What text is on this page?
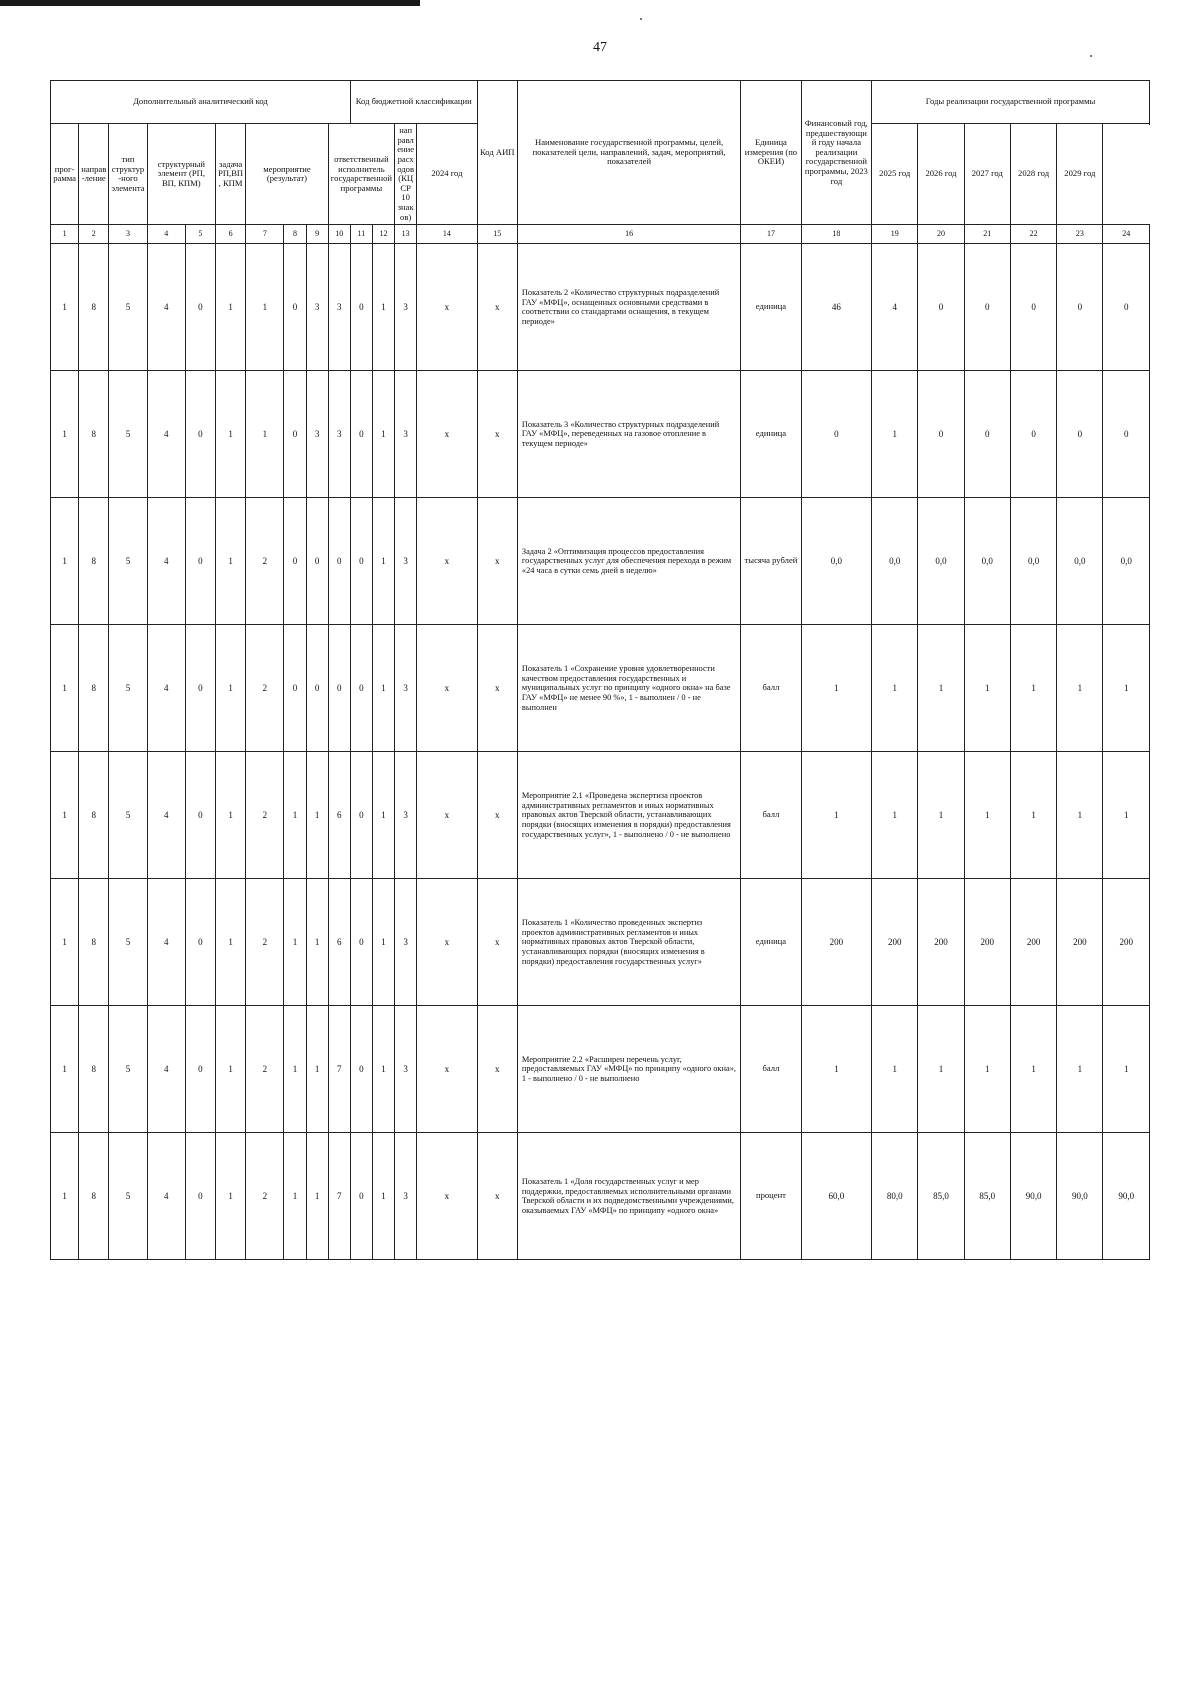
47
Дополнительный аналитический код										Код бюджетной классификации				Код АИП	Наименование государственной программы, целей, показателей цели, направлений, задач, мероприятий, показателей	Единица измерения (по ОКЕИ)	Финансовый год, предшествующий году начала реализации государственной программы, 2023 год	Годы реализации государственной программы					
прог-рамма	направ-ление	тип структур-ного элемента	структурный элемент (РП, ВП, КПМ)		задача РП,ВП, КПМ	мероприятие (результат)			ответственный исполнитель государственной программы			направление расходов (КЦСР 10 знаков)											
													2024 год					2025 год	2026 год	2027 год	2028 год	2029 год	
1	2	3	4	5	6	7	8	9	10	11	12	13	14	15	16	17	18	19	20	21	22	23	24
1	8	5	4	0	1	1	0	3	3	0	1	3	x	x	Показатель 2 «Количество структурных подразделений ГАУ «МФЦ», оснащенных основными средствами в соответствии со стандартами оснащения, в текущем периоде»	единица	46	4	0	0	0	0	0
1	8	5	4	0	1	1	0	3	3	0	1	3	x	x	Показатель 3 «Количество структурных подразделений ГАУ «МФЦ», переведенных на газовое отопление в текущем периоде»	единица	0	1	0	0	0	0	0
1	8	5	4	0	1	2	0	0	0	0	1	3	x	x	Задача 2 «Оптимизация процессов предоставления государственных услуг для обеспечения перехода в режим «24 часа в сутки семь дней в неделю»	тысяча рублей	0,0	0,0	0,0	0,0	0,0	0,0	0,0
1	8	5	4	0	1	2	0	0	0	0	1	3	x	x	Показатель 1 «Сохранение уровня удовлетворенности качеством предоставления государственных и муниципальных услуг по принципу «одного окна» на базе ГАУ «МФЦ» не менее 90 %», 1 - выполнен / 0 - не выполнен	балл	1	1	1	1	1	1	1
1	8	5	4	0	1	2	1	1	6	0	1	3	x	x	Мероприятие 2.1 «Проведена экспертиза проектов административных регламентов и иных нормативных правовых актов Тверской области, устанавливающих порядки (вносящих изменения в порядки) предоставления государственных услуг», 1 - выполнено / 0 - не выполнено	балл	1	1	1	1	1	1	1
1	8	5	4	0	1	2	1	1	6	0	1	3	x	x	Показатель 1 «Количество проведенных экспертиз проектов административных регламентов и иных нормативных правовых актов Тверской области, устанавливающих порядки (вносящих изменения в порядки) предоставления государственных услуг»	единица	200	200	200	200	200	200	200
1	8	5	4	0	1	2	1	1	7	0	1	3	x	x	Мероприятие 2.2 «Расширен перечень услуг, предоставляемых ГАУ «МФЦ» по принципу «одного окна», 1 - выполнено / 0 - не выполнено	балл	1	1	1	1	1	1	1
1	8	5	4	0	1	2	1	1	7	0	1	3	x	x	Показатель 1 «Доля государственных услуг и мер поддержки, предоставляемых исполнительными органами Тверской области и их подведомственными учреждениями, оказываемых ГАУ «МФЦ» по принципу «одного окна»	процент	60,0	80,0	85,0	85,0	90,0	90,0	90,0
